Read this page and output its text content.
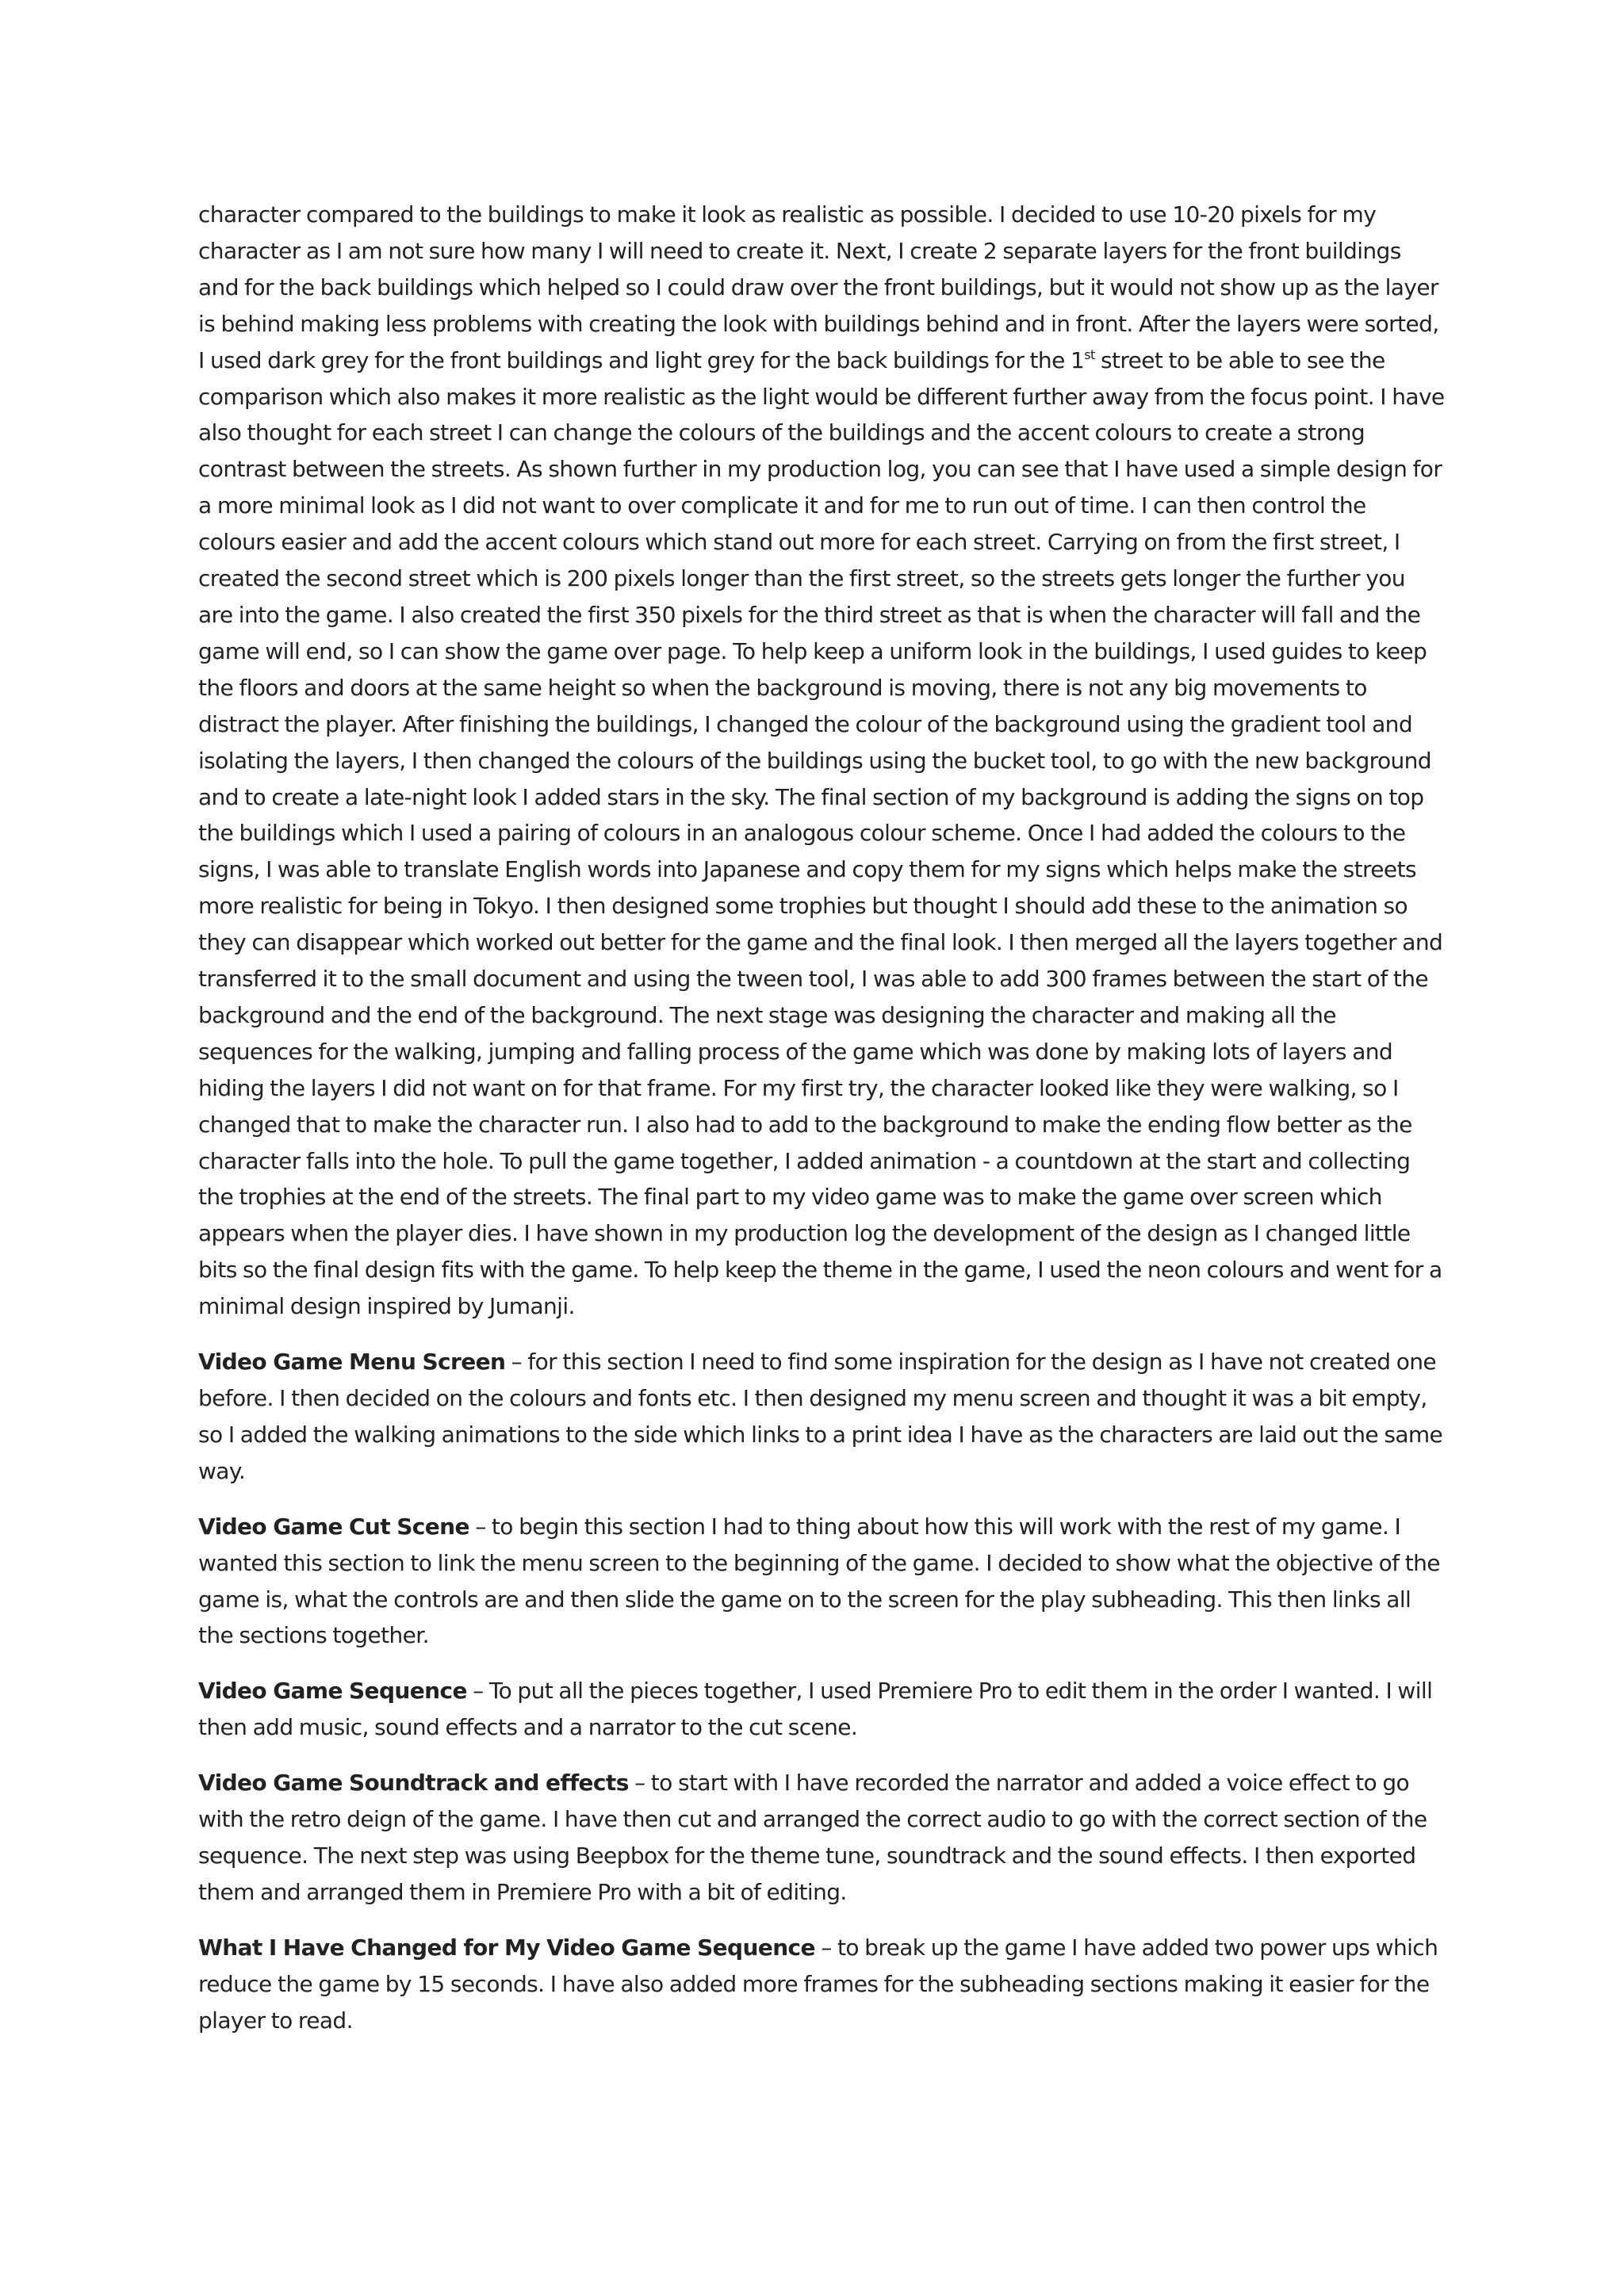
character compared to the buildings to make it look as realistic as possible. I decided to use 10-20 pixels for my character as I am not sure how many I will need to create it. Next, I create 2 separate layers for the front buildings and for the back buildings which helped so I could draw over the front buildings, but it would not show up as the layer is behind making less problems with creating the look with buildings behind and in front. After the layers were sorted, I used dark grey for the front buildings and light grey for the back buildings for the 1st street to be able to see the comparison which also makes it more realistic as the light would be different further away from the focus point. I have also thought for each street I can change the colours of the buildings and the accent colours to create a strong contrast between the streets. As shown further in my production log, you can see that I have used a simple design for a more minimal look as I did not want to over complicate it and for me to run out of time. I can then control the colours easier and add the accent colours which stand out more for each street. Carrying on from the first street, I created the second street which is 200 pixels longer than the first street, so the streets gets longer the further you are into the game. I also created the first 350 pixels for the third street as that is when the character will fall and the game will end, so I can show the game over page. To help keep a uniform look in the buildings, I used guides to keep the floors and doors at the same height so when the background is moving, there is not any big movements to distract the player. After finishing the buildings, I changed the colour of the background using the gradient tool and isolating the layers, I then changed the colours of the buildings using the bucket tool, to go with the new background and to create a late-night look I added stars in the sky. The final section of my background is adding the signs on top the buildings which I used a pairing of colours in an analogous colour scheme. Once I had added the colours to the signs, I was able to translate English words into Japanese and copy them for my signs which helps make the streets more realistic for being in Tokyo. I then designed some trophies but thought I should add these to the animation so they can disappear which worked out better for the game and the final look. I then merged all the layers together and transferred it to the small document and using the tween tool, I was able to add 300 frames between the start of the background and the end of the background. The next stage was designing the character and making all the sequences for the walking, jumping and falling process of the game which was done by making lots of layers and hiding the layers I did not want on for that frame. For my first try, the character looked like they were walking, so I changed that to make the character run. I also had to add to the background to make the ending flow better as the character falls into the hole. To pull the game together, I added animation - a countdown at the start and collecting the trophies at the end of the streets. The final part to my video game was to make the game over screen which appears when the player dies. I have shown in my production log the development of the design as I changed little bits so the final design fits with the game. To help keep the theme in the game, I used the neon colours and went for a minimal design inspired by Jumanji.

Video Game Menu Screen – for this section I need to find some inspiration for the design as I have not created one before. I then decided on the colours and fonts etc. I then designed my menu screen and thought it was a bit empty, so I added the walking animations to the side which links to a print idea I have as the characters are laid out the same way.

Video Game Cut Scene – to begin this section I had to thing about how this will work with the rest of my game. I wanted this section to link the menu screen to the beginning of the game. I decided to show what the objective of the game is, what the controls are and then slide the game on to the screen for the play subheading. This then links all the sections together.

Video Game Sequence – To put all the pieces together, I used Premiere Pro to edit them in the order I wanted. I will then add music, sound effects and a narrator to the cut scene.

Video Game Soundtrack and effects – to start with I have recorded the narrator and added a voice effect to go with the retro deign of the game. I have then cut and arranged the correct audio to go with the correct section of the sequence. The next step was using Beepbox for the theme tune, soundtrack and the sound effects. I then exported them and arranged them in Premiere Pro with a bit of editing.

What I Have Changed for My Video Game Sequence – to break up the game I have added two power ups which reduce the game by 15 seconds. I have also added more frames for the subheading sections making it easier for the player to read.
